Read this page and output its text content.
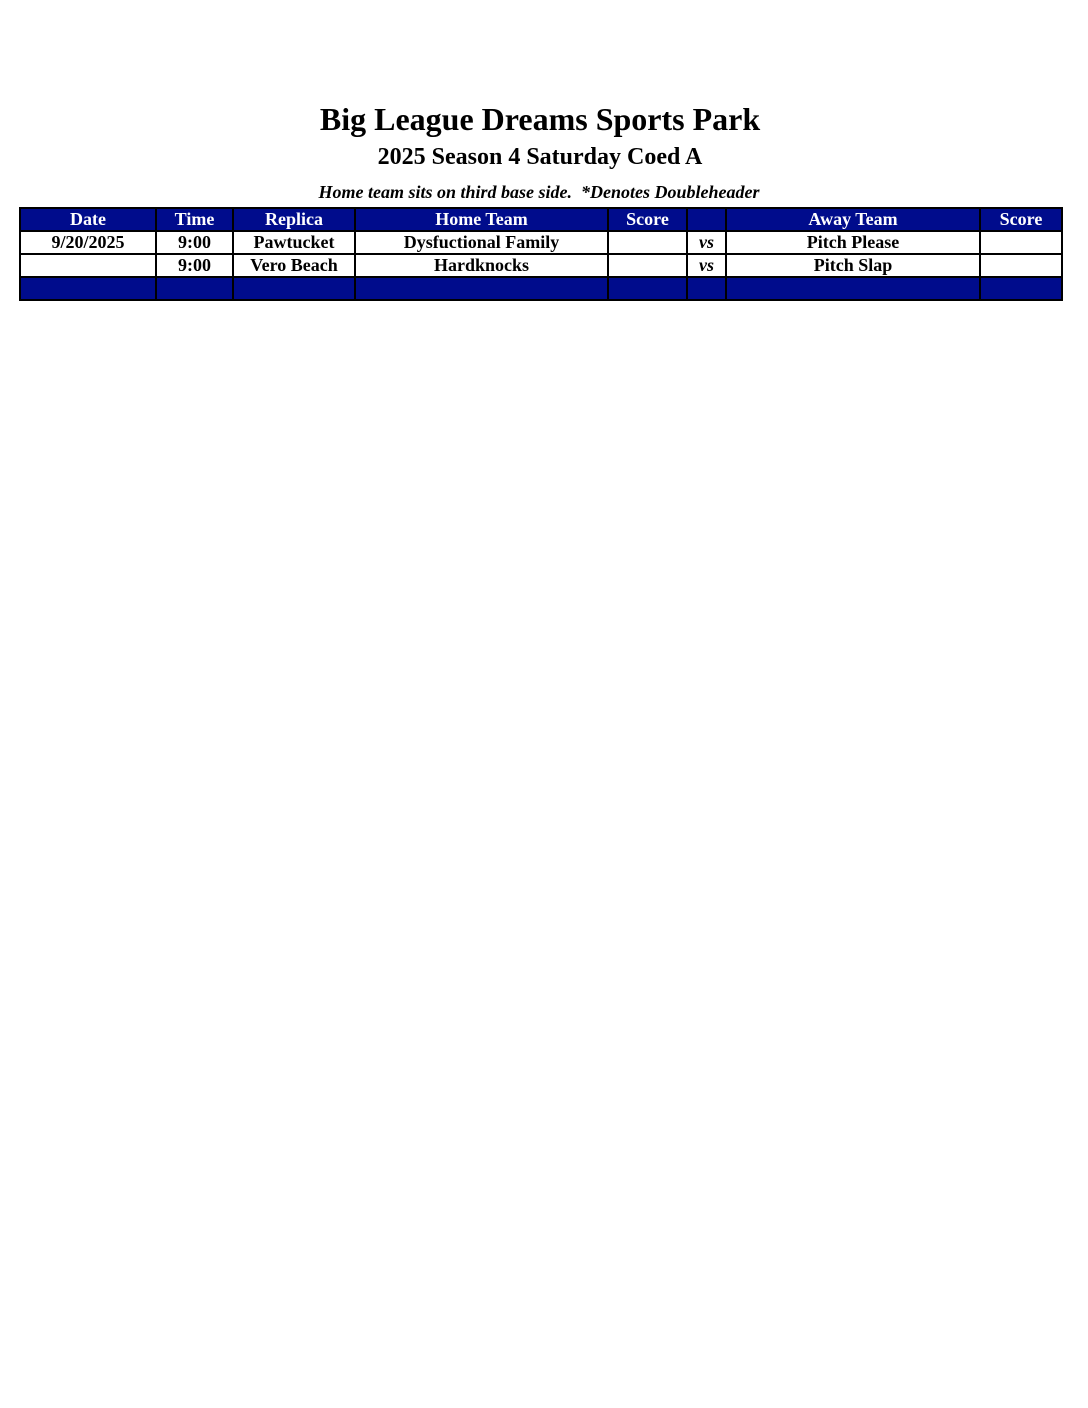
Big League Dreams Sports Park
2025 Season 4 Saturday Coed A
Home team sits on third base side.  *Denotes Doubleheader
Date	Time	Replica	Home Team	Score		Away Team	Score
9/20/2025	9:00	Pawtucket	Dysfuctional Family		vs	Pitch Please	
	9:00	Vero Beach	Hardknocks		vs	Pitch Slap	
